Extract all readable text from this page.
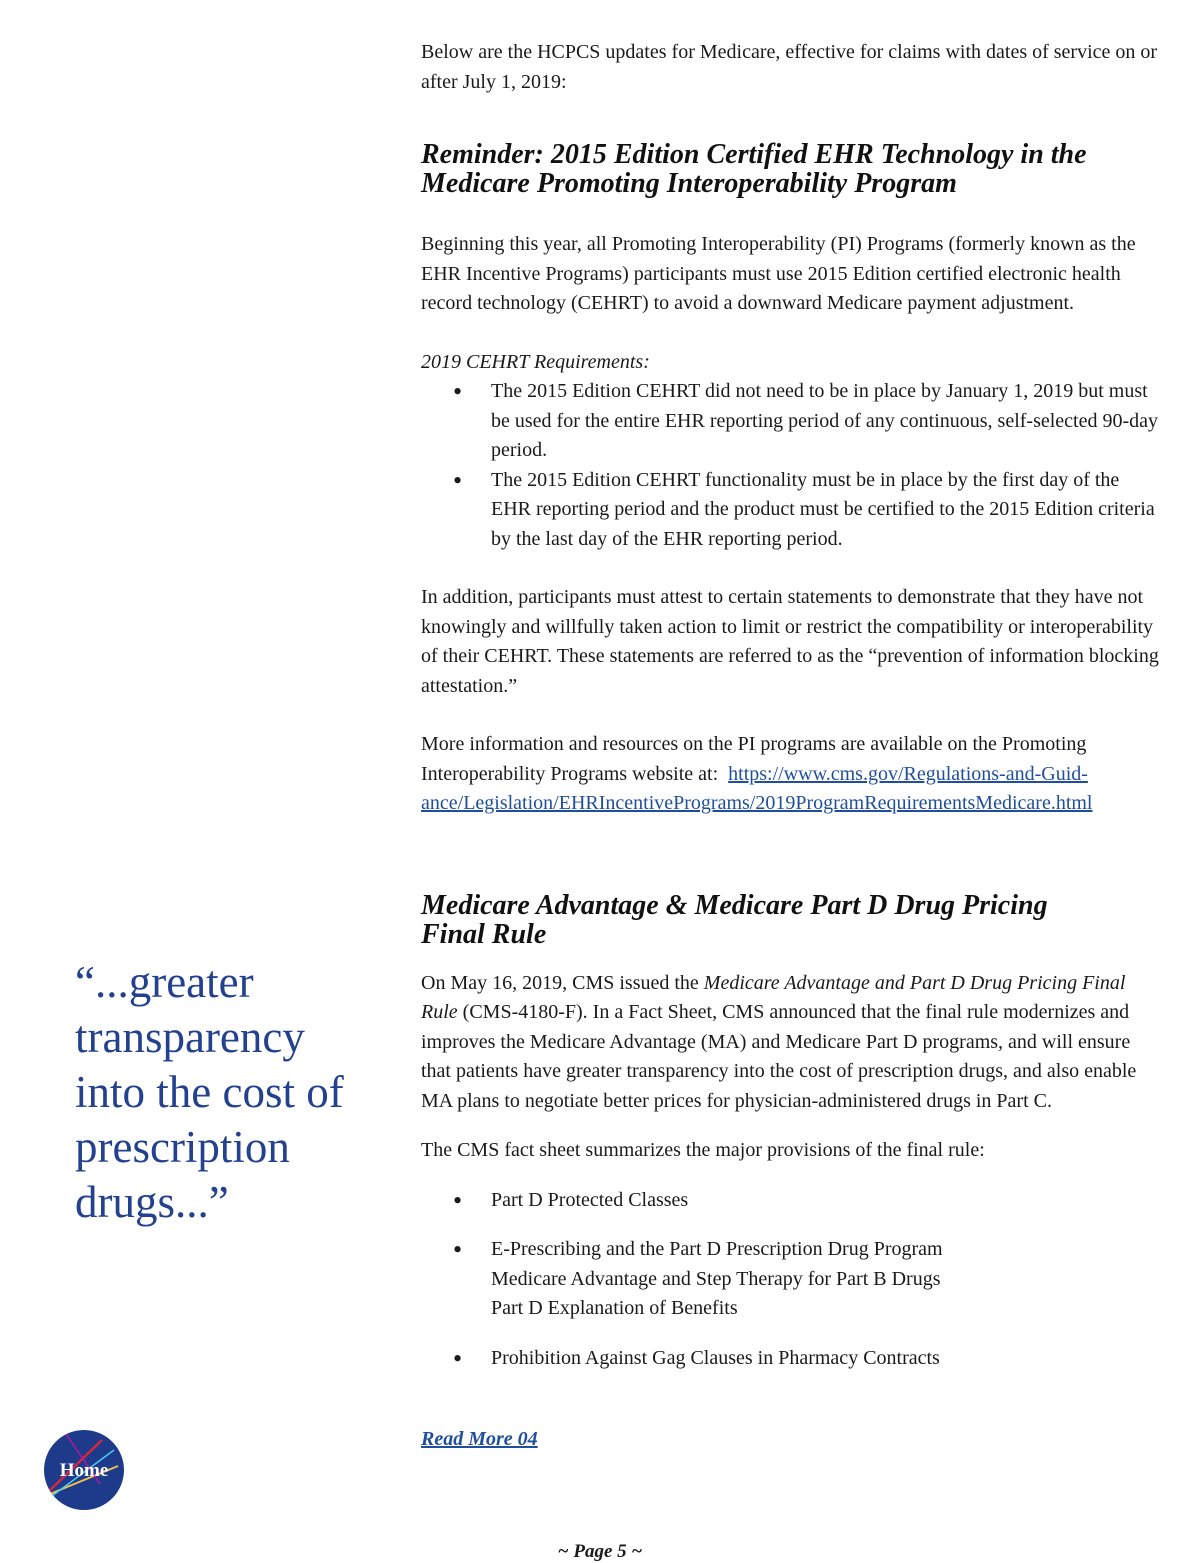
Below are the HCPCS updates for Medicare, effective for claims with dates of service on or after July 1, 2019:

Reminder: 2015 Edition Certified EHR Technology in the

Medicare Promoting Interoperability Program

Beginning this year, all Promoting Interoperability (PI) Programs (formerly known as the EHR Incentive Programs) participants must use 2015 Edition certified electronic health record technology (CEHRT) to avoid a downward Medicare payment adjustment.

2019 CEHRT Requirements:

• The 2015 Edition CEHRT did not need to be in place by January 1, 2019 but must be used for the entire EHR reporting period of any continuous, self-selected 90-day period.
• The 2015 Edition CEHRT functionality must be in place by the first day of the EHR reporting period and the product must be certified to the 2015 Edition criteria by the last day of the EHR reporting period.

In addition, participants must attest to certain statements to demonstrate that they have not knowingly and willfully taken action to limit or restrict the compatibility or interoperability of their CEHRT. These statements are referred to as the “prevention of information blocking attestation.”

More information and resources on the PI programs are available on the Promoting Interoperability Programs website at: https://www.cms.gov/Regulations-and-Guid-
ance/Legislation/EHRIncentivePrograms/2019ProgramRequirementsMedicare.html

Medicare Advantage & Medicare Part D Drug Pricing

Final Rule

On May 16, 2019, CMS issued the Medicare Advantage and Part D Drug Pricing Final Rule (CMS-4180-F). In a Fact Sheet, CMS announced that the final rule modernizes and improves the Medicare Advantage (MA) and Medicare Part D programs, and will ensure that patients have greater transparency into the cost of prescription drugs, and also enable MA plans to negotiate better prices for physician-administered drugs in Part C.

The CMS fact sheet summarizes the major provisions of the final rule:

• Part D Protected Classes
• E-Prescribing and the Part D Prescription Drug Program
Medicare Advantage and Step Therapy for Part B Drugs
Part D Explanation of Benefits
• Prohibition Against Gag Clauses in Pharmacy Contracts
“...greater transparency into the cost of prescription drugs...”
Read More 04
Home
~ Page 5 ~
